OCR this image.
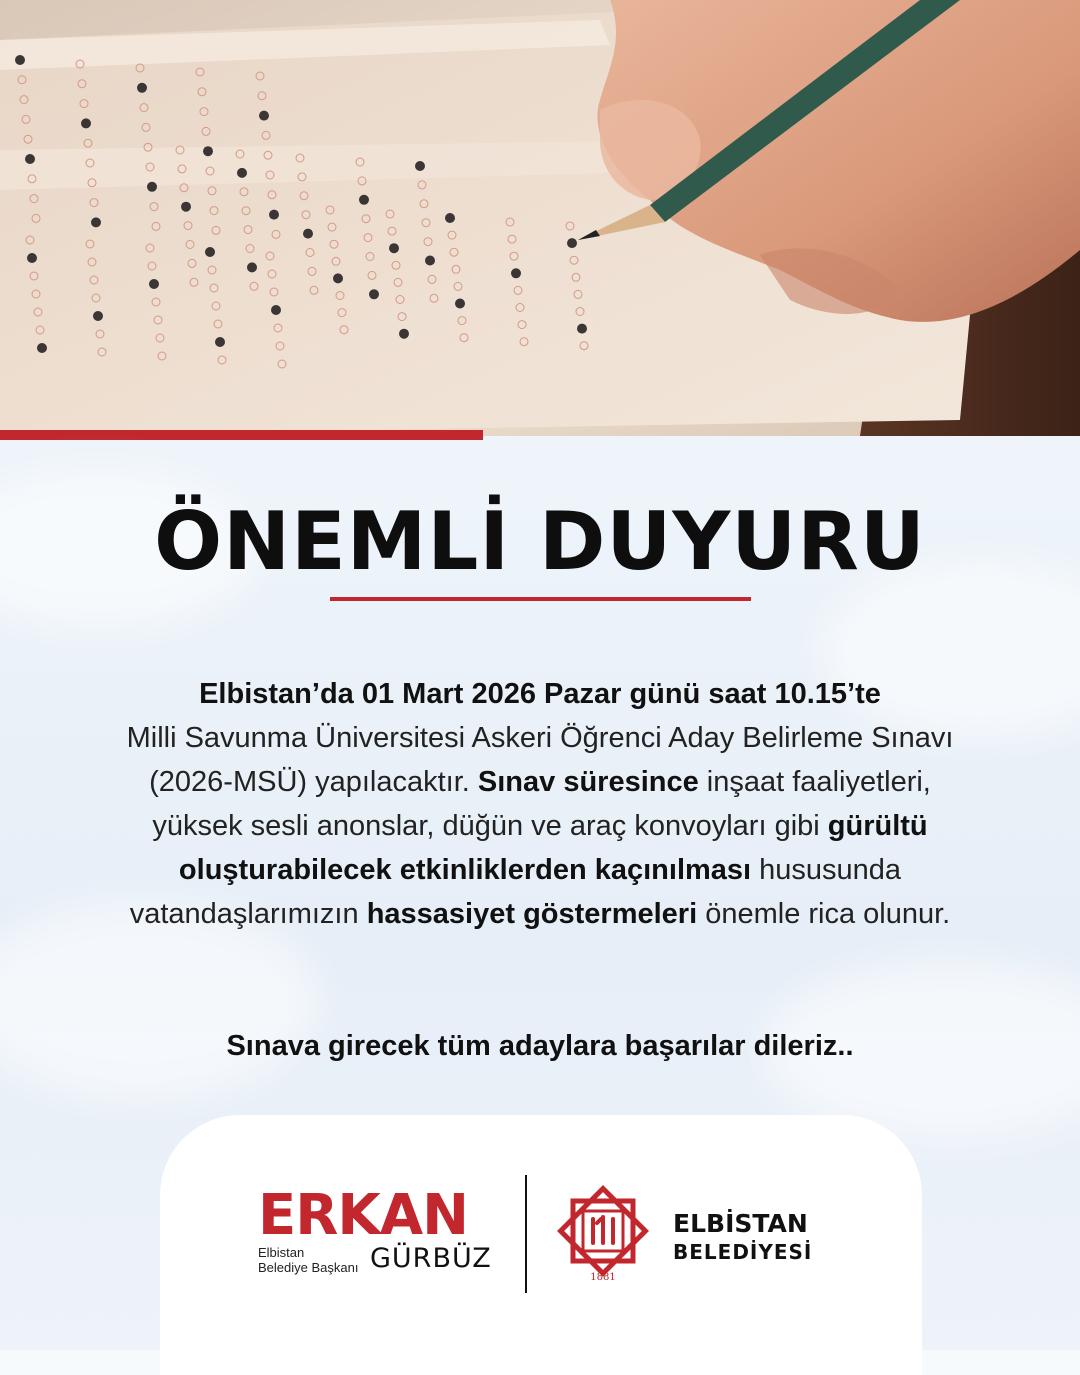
ÖNEMLİ DUYURU
Elbistan’da 01 Mart 2026 Pazar günü saat 10.15’te
Milli Savunma Üniversitesi Askeri Öğrenci Aday Belirleme Sınavı (2026-MSÜ) yapılacaktır. Sınav süresince inşaat faaliyetleri, yüksek sesli anonslar, düğün ve araç konvoyları gibi gürültü oluşturabilecek etkinliklerden kaçınılması hususunda vatandaşlarımızın hassasiyet göstermeleri önemle rica olunur.
Sınava girecek tüm adaylara başarılar dileriz..
ERKAN
Elbistan
Belediye Başkanı GÜRBÜZ
1881
ELBİSTAN
BELEDİYESİ
